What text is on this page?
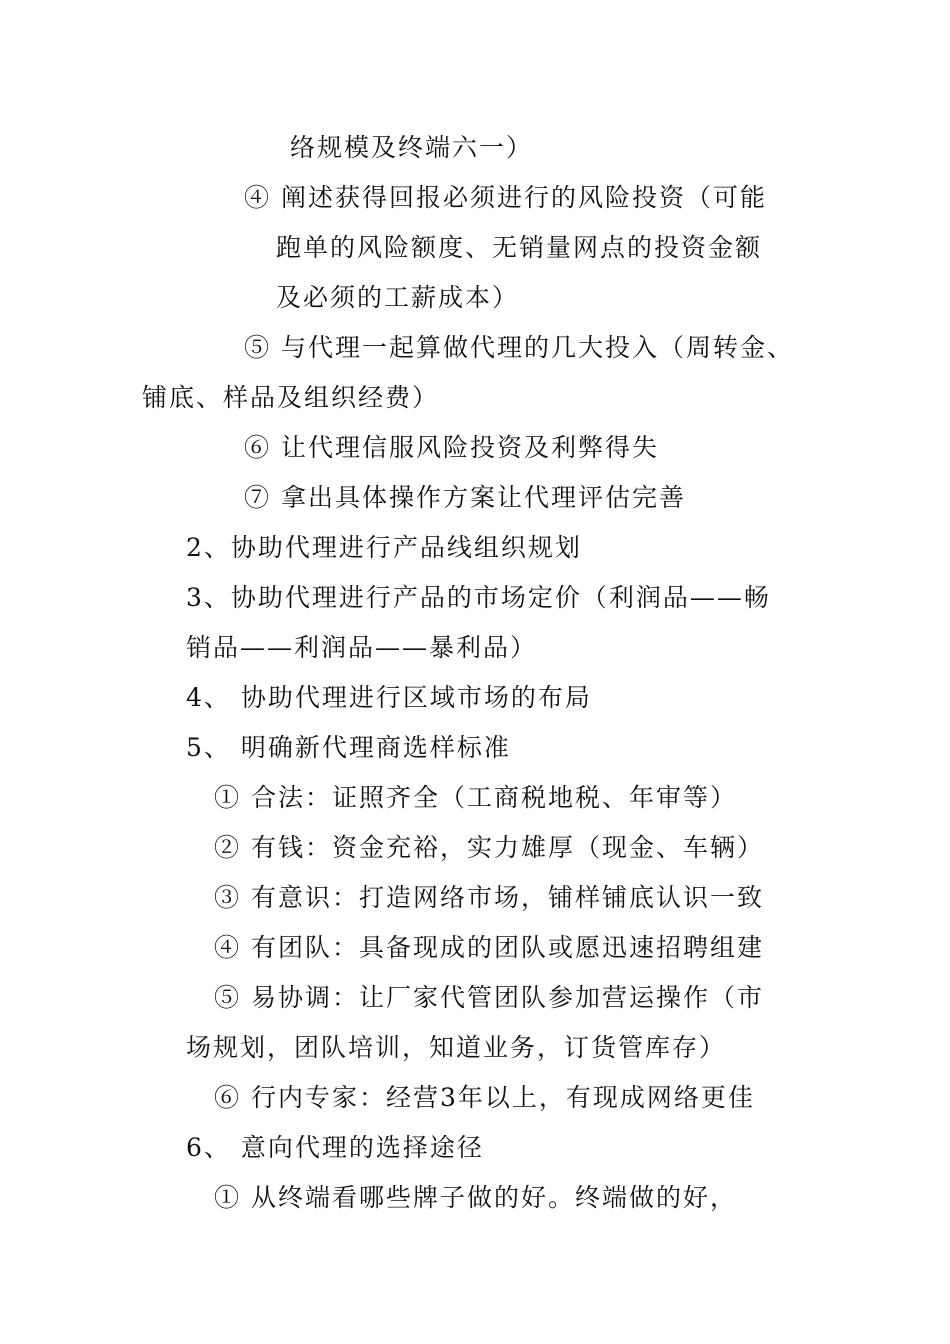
络规模及终端六一）
④ 阐述获得回报必须进行的风险投资（可能
跑单的风险额度、无销量网点的投资金额
及必须的工薪成本）
⑤ 与代理一起算做代理的几大投入（周转金、
铺底、样品及组织经费）
⑥ 让代理信服风险投资及利弊得失
⑦ 拿出具体操作方案让代理评估完善
2、协助代理进行产品线组织规划
3、协助代理进行产品的市场定价（利润品——畅
销品——利润品——暴利品）
4、 协助代理进行区域市场的布局
5、 明确新代理商选样标准
① 合法：证照齐全（工商税地税、年审等）
② 有钱：资金充裕，实力雄厚（现金、车辆）
③ 有意识：打造网络市场，铺样铺底认识一致
④ 有团队：具备现成的团队或愿迅速招聘组建
⑤ 易协调：让厂家代管团队参加营运操作（市
场规划，团队培训，知道业务，订货管库存）
⑥ 行内专家：经营3年以上，有现成网络更佳
6、 意向代理的选择途径
① 从终端看哪些牌子做的好。终端做的好，
